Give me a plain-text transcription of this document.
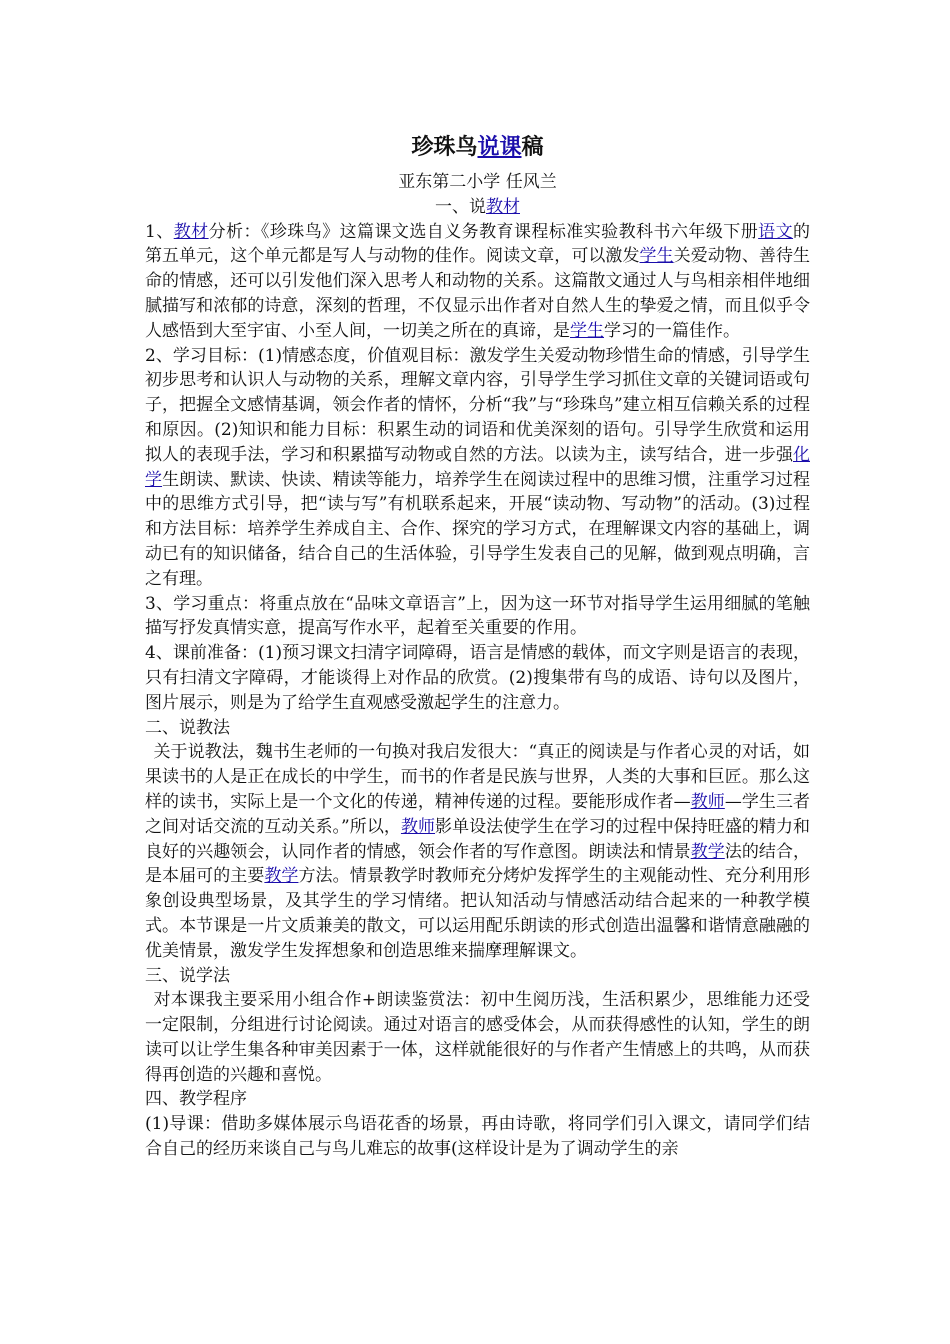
珍珠鸟说课稿
亚东第二小学 任风兰
一、说教材

1、教材分析：《珍珠鸟》这篇课文选自义务教育课程标准实验教科书六年级下册语文的第五单元，这个单元都是写人与动物的佳作。阅读文章，可以激发学生关爱动物、善待生命的情感，还可以引发他们深入思考人和动物的关系。这篇散文通过人与鸟相亲相伴地细腻描写和浓郁的诗意，深刻的哲理，不仅显示出作者对自然人生的挚爱之情，而且似乎令人感悟到大至宇宙、小至人间，一切美之所在的真谛，是学生学习的一篇佳作。

2、学习目标：(1)情感态度，价值观目标：激发学生关爱动物珍惜生命的情感，引导学生初步思考和认识人与动物的关系，理解文章内容，引导学生学习抓住文章的关键词语或句子，把握全文感情基调，领会作者的情怀，分析“我”与“珍珠鸟”建立相互信赖关系的过程和原因。(2)知识和能力目标：积累生动的词语和优美深刻的语句。引导学生欣赏和运用拟人的表现手法，学习和积累描写动物或自然的方法。以读为主，读写结合，进一步强化学生朗读、默读、快读、精读等能力，培养学生在阅读过程中的思维习惯，注重学习过程中的思维方式引导，把“读与写”有机联系起来，开展“读动物、写动物”的活动。(3)过程和方法目标：培养学生养成自主、合作、探究的学习方式，在理解课文内容的基础上，调动已有的知识储备，结合自己的生活体验，引导学生发表自己的见解，做到观点明确，言之有理。

3、学习重点：将重点放在“品味文章语言”上，因为这一环节对指导学生运用细腻的笔触描写抒发真情实意，提高写作水平，起着至关重要的作用。

4、课前准备：(1)预习课文扫清字词障碍，语言是情感的载体，而文字则是语言的表现，只有扫清文字障碍，才能谈得上对作品的欣赏。(2)搜集带有鸟的成语、诗句以及图片，图片展示，则是为了给学生直观感受激起学生的注意力。

二、说教法

关于说教法，魏书生老师的一句换对我启发很大：“真正的阅读是与作者心灵的对话，如果读书的人是正在成长的中学生，而书的作者是民族与世界，人类的大事和巨匠。那么这样的读书，实际上是一个文化的传递，精神传递的过程。要能形成作者—教师—学生三者之间对话交流的互动关系。”所以，教师影单设法使学生在学习的过程中保持旺盛的精力和良好的兴趣领会，认同作者的情感，领会作者的写作意图。朗读法和情景教学法的结合，是本届可的主要教学方法。情景教学时教师充分烤炉发挥学生的主观能动性、充分利用形象创设典型场景，及其学生的学习情绪。把认知活动与情感活动结合起来的一种教学模式。本节课是一片文质兼美的散文，可以运用配乐朗读的形式创造出温馨和谐情意融融的优美情景，激发学生发挥想象和创造思维来揣摩理解课文。

三、说学法

对本课我主要采用小组合作+朗读鉴赏法：初中生阅历浅，生活积累少，思维能力还受一定限制，分组进行讨论阅读。通过对语言的感受体会，从而获得感性的认知，学生的朗读可以让学生集各种审美因素于一体，这样就能很好的与作者产生情感上的共鸣，从而获得再创造的兴趣和喜悦。

四、教学程序

(1)导课：借助多媒体展示鸟语花香的场景，再由诗歌，将同学们引入课文，请同学们结合自己的经历来谈自己与鸟儿难忘的故事(这样设计是为了调动学生的亲
